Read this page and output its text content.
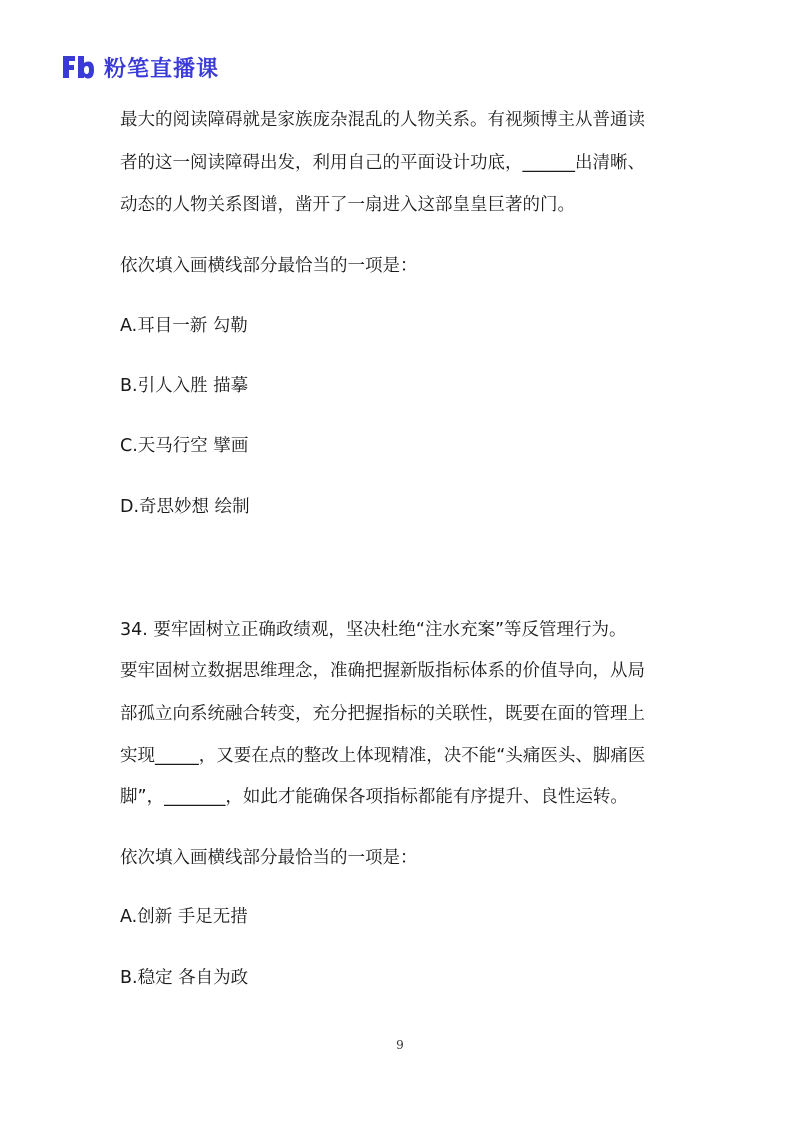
粉笔直播课
最大的阅读障碍就是家族庞杂混乱的人物关系。有视频博主从普通读
者的这一阅读障碍出发，利用自己的平面设计功底，______出清晰、
动态的人物关系图谱，凿开了一扇进入这部皇皇巨著的门。
依次填入画横线部分最恰当的一项是：
A.耳目一新 勾勒
B.引人入胜 描摹
C.天马行空 擘画
D.奇思妙想 绘制
34. 要牢固树立正确政绩观，坚决杜绝“注水充案”等反管理行为。
要牢固树立数据思维理念，准确把握新版指标体系的价值导向，从局
部孤立向系统融合转变，充分把握指标的关联性，既要在面的管理上
实现_____，又要在点的整改上体现精准，决不能“头痛医头、脚痛医
脚”，_______，如此才能确保各项指标都能有序提升、良性运转。
依次填入画横线部分最恰当的一项是：
A.创新 手足无措
B.稳定 各自为政
9
